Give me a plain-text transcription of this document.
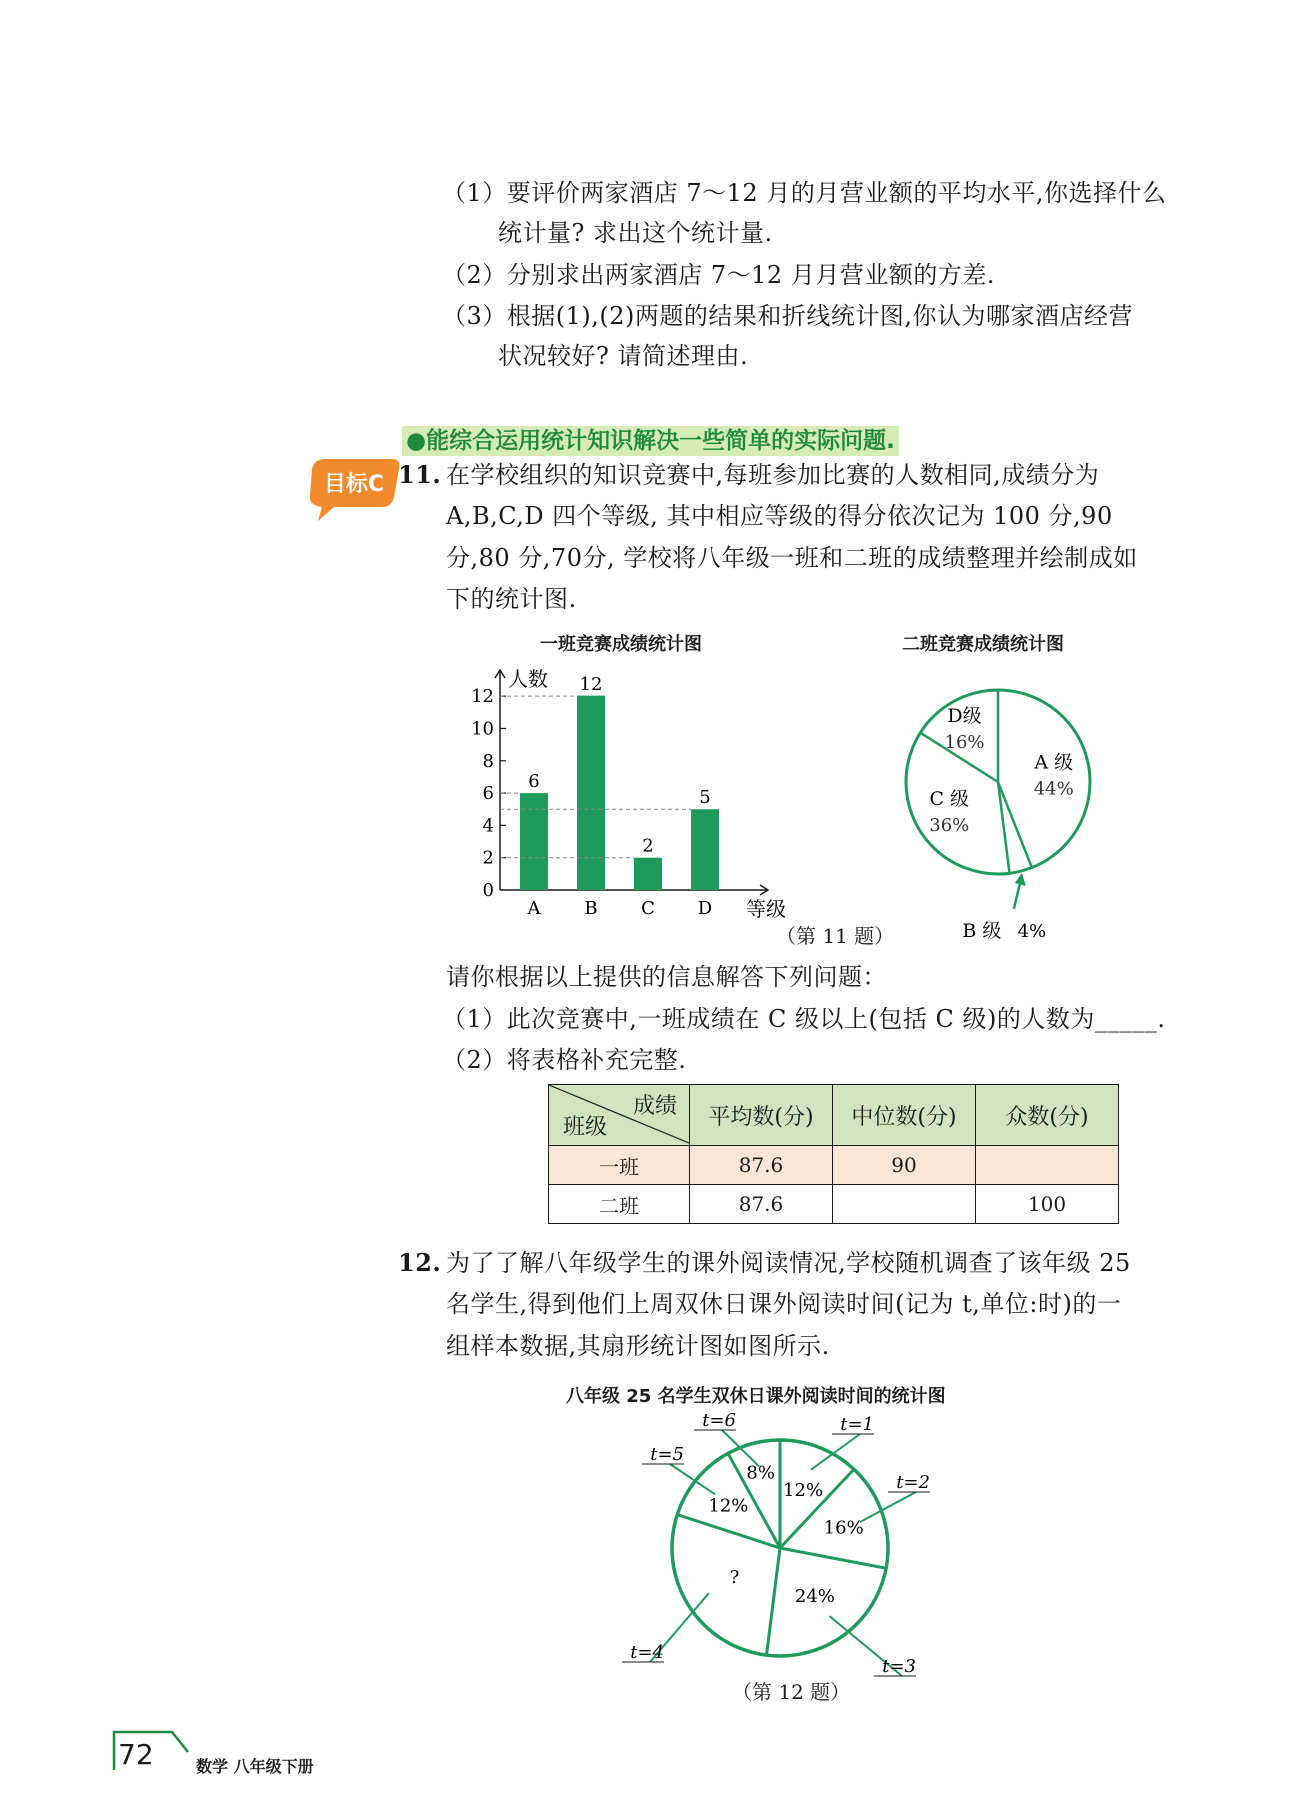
（1）要评价两家酒店 7～12 月的月营业额的平均水平,你选择什么
统计量? 求出这个统计量.
（2）分别求出两家酒店 7～12 月月营业额的方差.
（3）根据(1),(2)两题的结果和折线统计图,你认为哪家酒店经营
状况较好? 请简述理由.
●能综合运用统计知识解决一些简单的实际问题.
目标C 11. 在学校组织的知识竞赛中,每班参加比赛的人数相同,成绩分为
A,B,C,D 四个等级, 其中相应等级的得分依次记为 100 分,90
分,80 分,70分, 学校将八年级一班和二班的成绩整理并绘制成如
下的统计图.
一班竞赛成绩统计图	二班竞赛成绩统计图
人数
等级
0
2
4
6
8
10
12
6
A
12
B
2
C
5
D
A 级
44%
B 级 4%
C 级
36%
D级
16%
（第 11 题）
请你根据以上提供的信息解答下列问题：
（1）此次竞赛中,一班成绩在 C 级以上(包括 C 级)的人数为_____.
（2）将表格补充完整.
成绩
班级	平均数(分)	中位数(分)	众数(分)
一班	87.6	90	
二班	87.6		100
12. 为了了解八年级学生的课外阅读情况,学校随机调查了该年级 25
名学生,得到他们上周双休日课外阅读时间(记为 t,单位:时)的一
组样本数据,其扇形统计图如图所示.
八年级 25 名学生双休日课外阅读时间的统计图
12%
t=1
16%
t=2
24%
t=3
?
t=4
12%
t=5
8%
t=6
（第 12 题）
72	数学 八年级下册
